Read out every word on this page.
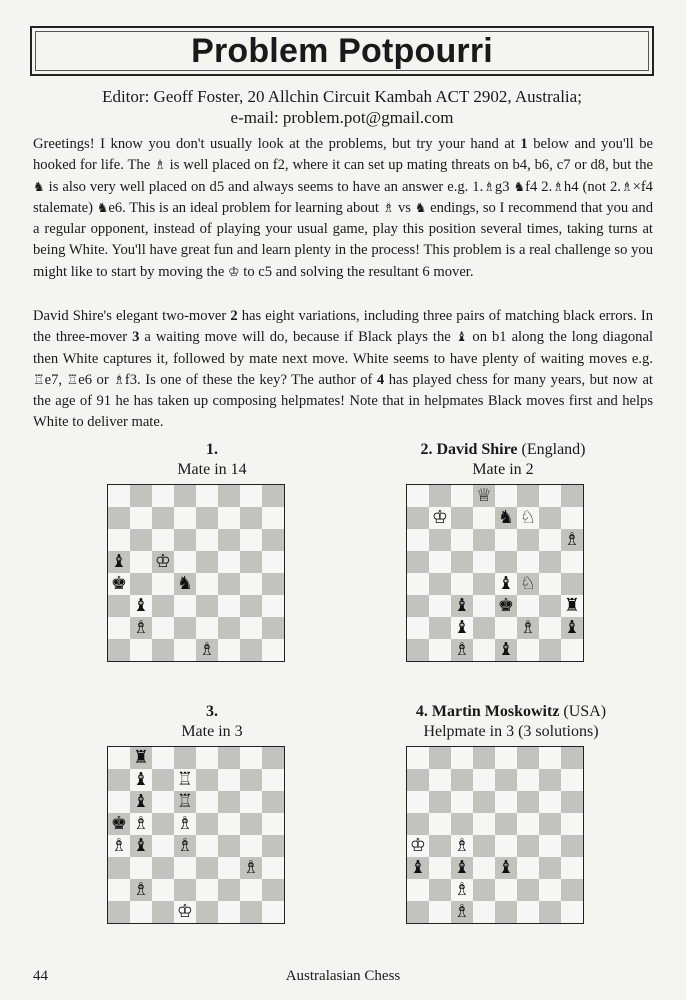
Problem Potpourri
Editor: Geoff Foster, 20 Allchin Circuit Kambah ACT 2902, Australia;
e-mail: problem.pot@gmail.com

Greetings! I know you don't usually look at the problems, but try your hand at 1 below and you'll be hooked for life. The ♗ is well placed on f2, where it can set up mating threats on b4, b6, c7 or d8, but the ♞ is also very well placed on d5 and always seems to have an answer e.g. 1.♗g3 ♞f4 2.♗h4 (not 2.♗×f4 stalemate) ♞e6. This is an ideal problem for learning about ♗ vs ♞ endings, so I recommend that you and a regular opponent, instead of playing your usual game, play this position several times, taking turns at being White. You'll have great fun and learn plenty in the process! This problem is a real challenge so you might like to start by moving the ♔ to c5 and solving the resultant 6 mover.

David Shire's elegant two-mover 2 has eight variations, including three pairs of matching black errors. In the three-mover 3 a waiting move will do, because if Black plays the ♝ on b1 along the long diagonal then White captures it, followed by mate next move. White seems to have plenty of waiting moves e.g. ♖e7, ♖e6 or ♗f3. Is one of these the key? The author of 4 has played chess for many years, but now at the age of 91 he has taken up composing helpmates! Note that in helpmates Black moves first and helps White to deliver mate.

1.
Mate in 14
♝ ♔
♚	♞
♝
♗
♗
2. David Shire (England)
Mate in 2
♕
♔	♞ ♘
♗
♝ ♘
♝ ♚	♜
♝	♗ ♝
♗ ♝
3.
Mate in 3
♜
♝ ♖
♝ ♖
♚ ♗ ♗
♗ ♝ ♗
♗
♗
♔
4. Martin Moskowitz (USA)
Helpmate in 3 (3 solutions)
♔ ♗
♝ ♝ ♝
♗
♗
Australasian Chess
44
